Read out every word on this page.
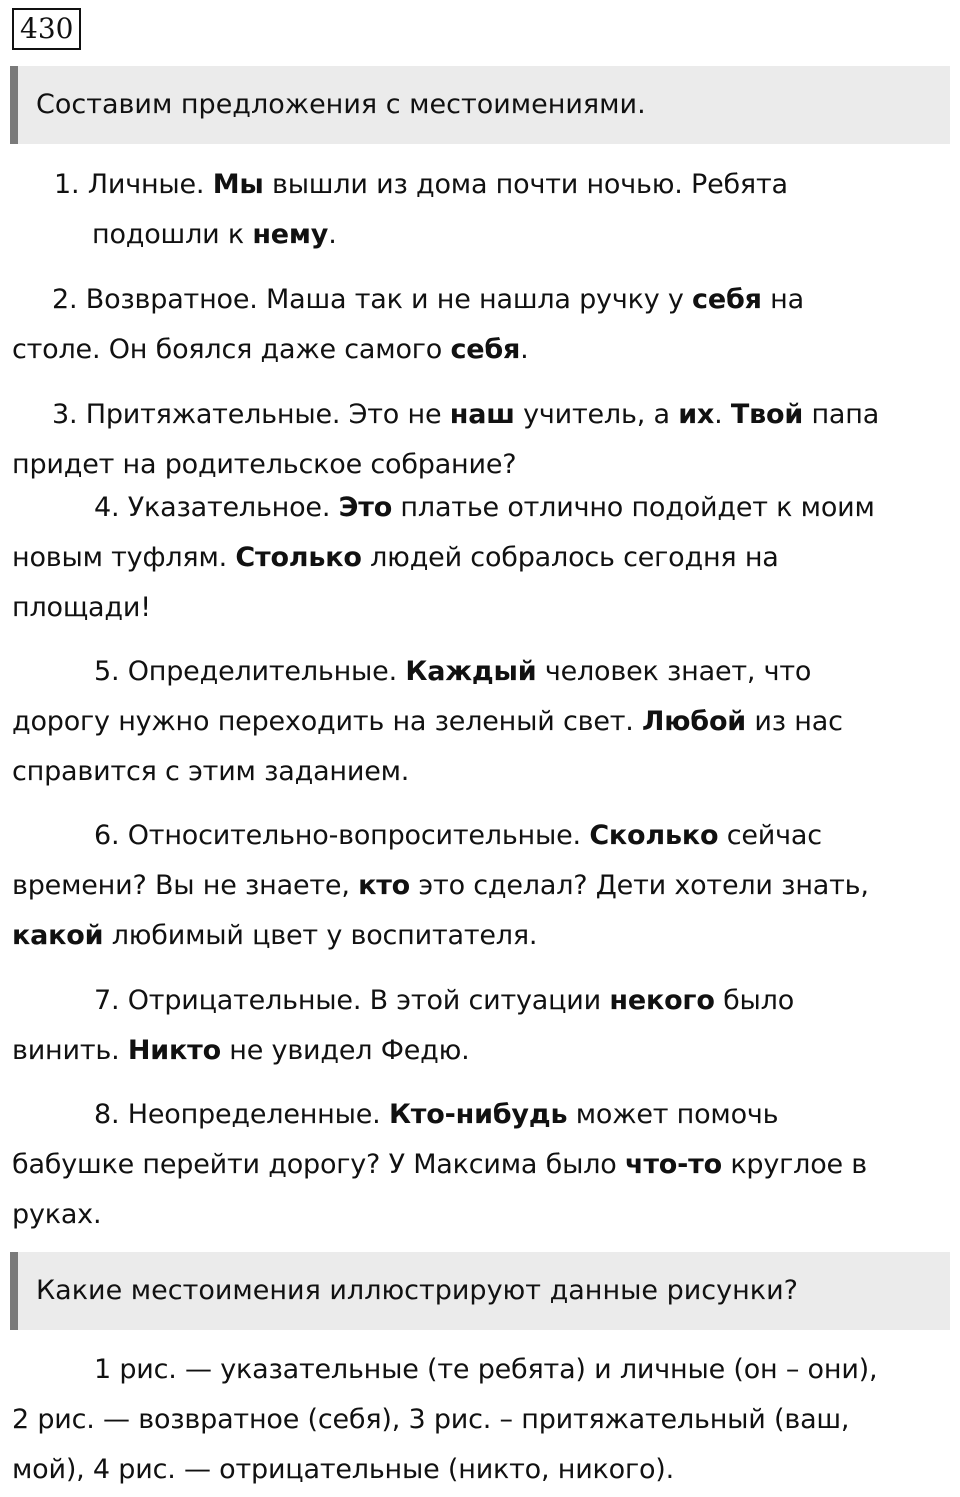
430
Составим предложения с местоимениями.
1. Личные. Мы вышли из дома почти ночью. Ребята
подошли к нему.
2. Возвратное. Маша так и не нашла ручку у себя на
столе. Он боялся даже самого себя.
3. Притяжательные. Это не наш учитель, а их. Твой папа
придет на родительское собрание?
4. Указательное. Это платье отлично подойдет к моим
новым туфлям. Столько людей собралось сегодня на
площади!
5. Определительные. Каждый человек знает, что
дорогу нужно переходить на зеленый свет. Любой из нас
справится с этим заданием.
6. Относительно-вопросительные. Сколько сейчас
времени? Вы не знаете, кто это сделал? Дети хотели знать,
какой любимый цвет у воспитателя.
7. Отрицательные. В этой ситуации некого было
винить. Никто не увидел Федю.
8. Неопределенные. Кто-нибудь может помочь
бабушке перейти дорогу? У Максима было что-то круглое в
руках.
Какие местоимения иллюстрируют данные рисунки?
1 рис. — указательные (те ребята) и личные (он – они),
2 рис. — возвратное (себя), 3 рис. – притяжательный (ваш,
мой), 4 рис. — отрицательные (никто, никого).
